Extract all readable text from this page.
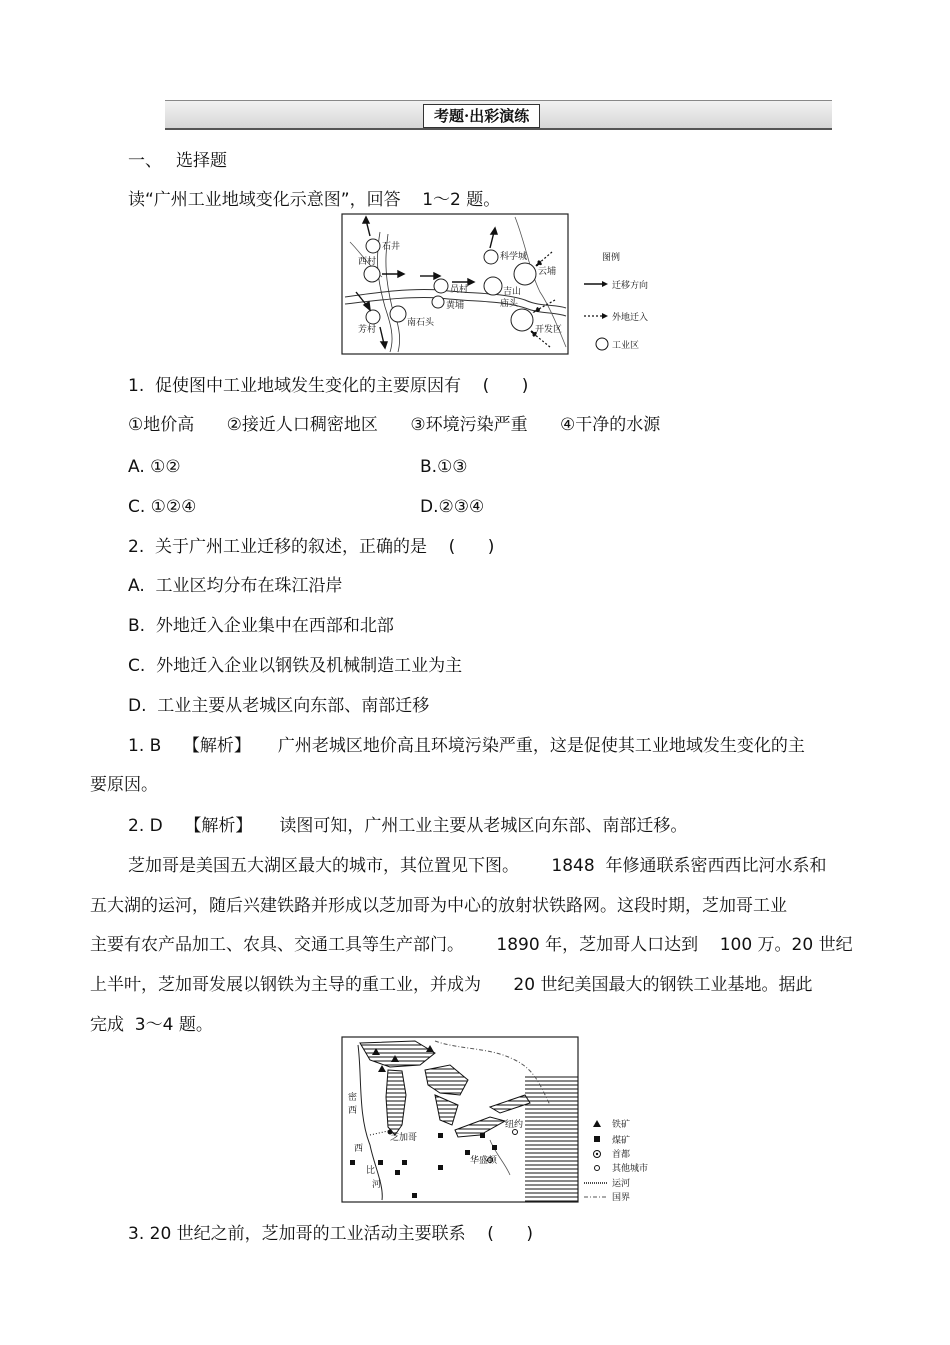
考题·出彩演练
一、 选择题
读“广州工业地域变化示意图”，回答    1～2 题。
石井
西村
员村
科学城
云埔
吉山
庙头
芳村
南石头
黄埔
开发区
图例
迁移方向
外地迁入
工业区
1.  促使图中工业地域发生变化的主要原因有    (      )
①地价高      ②接近人口稠密地区      ③环境污染严重      ④干净的水源
A. ①②	B.①③
C. ①②④	D.②③④
2.  关于广州工业迁移的叙述，正确的是    (      )
A.  工业区均分布在珠江沿岸
B.  外地迁入企业集中在西部和北部
C.  外地迁入企业以钢铁及机械制造工业为主
D.  工业主要从老城区向东部、南部迁移
1. B    【解析】     广州老城区地价高且环境污染严重，这是促使其工业地域发生变化的主
要原因。
2. D    【解析】     读图可知，广州工业主要从老城区向东部、南部迁移。
芝加哥是美国五大湖区最大的城市，其位置见下图。      1848  年修通联系密西西比河水系和
五大湖的运河，随后兴建铁路并形成以芝加哥为中心的放射状铁路网。这段时期，芝加哥工业
主要有农产品加工、农具、交通工具等生产部门。      1890 年，芝加哥人口达到    100 万。20 世纪
上半叶，芝加哥发展以钢铁为主导的重工业，并成为      20 世纪美国最大的钢铁工业基地。据此
完成  3～4 题。
密
西
西
比
河
芝加哥
纽约
华盛顿
铁矿
煤矿
首都
其他城市
运河
国界
3. 20 世纪之前，芝加哥的工业活动主要联系    (      )
